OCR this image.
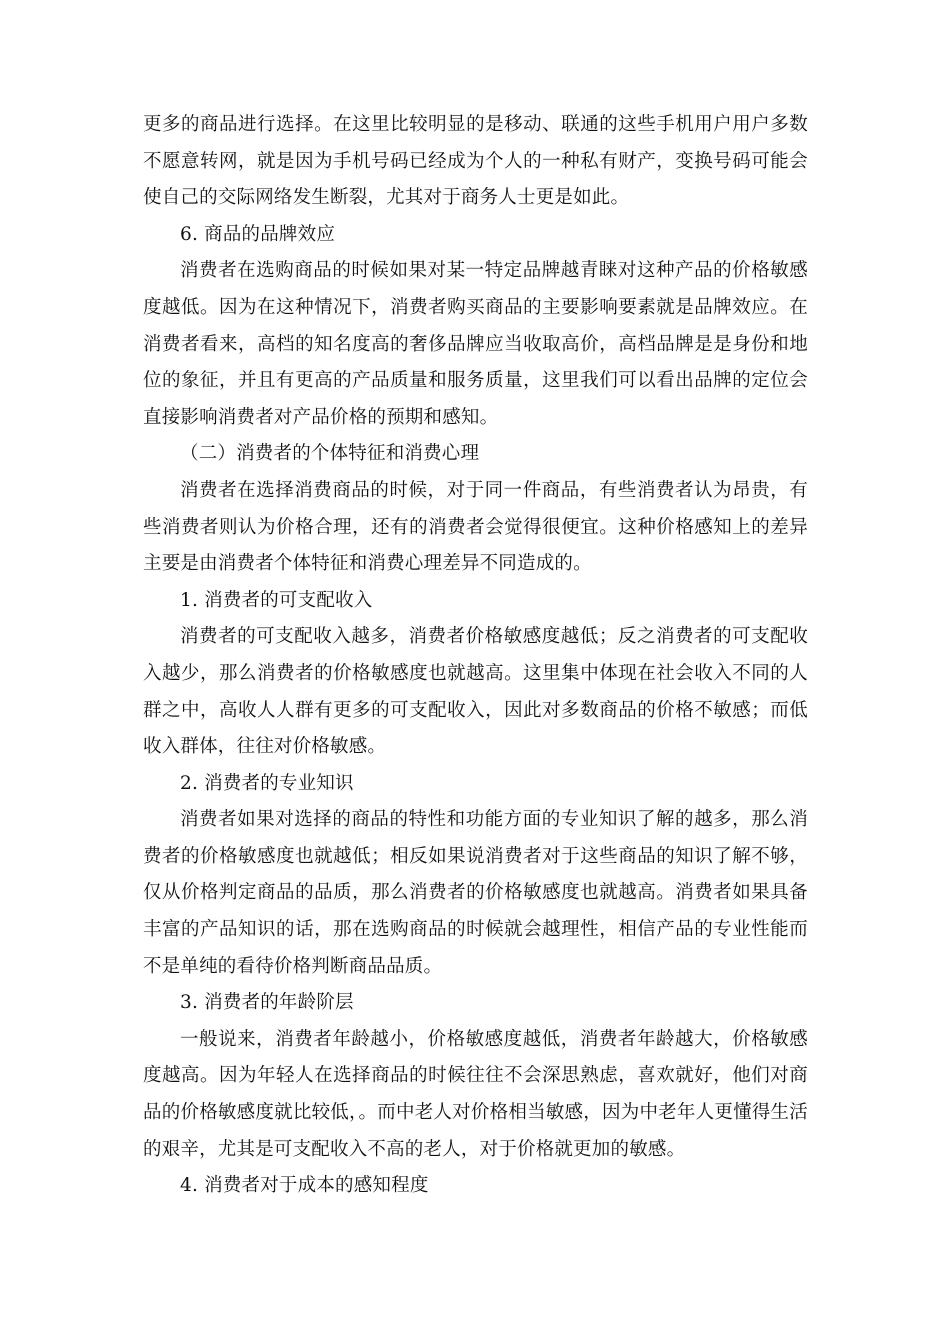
更多的商品进行选择。在这里比较明显的是移动、联通的这些手机用户用户多数不愿意转网，就是因为手机号码已经成为个人的一种私有财产，变换号码可能会使自己的交际网络发生断裂，尤其对于商务人士更是如此。

6. 商品的品牌效应

消费者在选购商品的时候如果对某一特定品牌越青睐对这种产品的价格敏感度越低。因为在这种情况下，消费者购买商品的主要影响要素就是品牌效应。在消费者看来，高档的知名度高的奢侈品牌应当收取高价，高档品牌是是身份和地位的象征，并且有更高的产品质量和服务质量，这里我们可以看出品牌的定位会直接影响消费者对产品价格的预期和感知。

（二）消费者的个体特征和消费心理

消费者在选择消费商品的时候，对于同一件商品，有些消费者认为昂贵，有些消费者则认为价格合理，还有的消费者会觉得很便宜。这种价格感知上的差异主要是由消费者个体特征和消费心理差异不同造成的。

1. 消费者的可支配收入

消费者的可支配收入越多，消费者价格敏感度越低；反之消费者的可支配收入越少，那么消费者的价格敏感度也就越高。这里集中体现在社会收入不同的人群之中，高收人人群有更多的可支配收入，因此对多数商品的价格不敏感；而低收入群体，往往对价格敏感。

2. 消费者的专业知识

消费者如果对选择的商品的特性和功能方面的专业知识了解的越多，那么消费者的价格敏感度也就越低；相反如果说消费者对于这些商品的知识了解不够，仅从价格判定商品的品质，那么消费者的价格敏感度也就越高。消费者如果具备丰富的产品知识的话，那在选购商品的时候就会越理性，相信产品的专业性能而不是单纯的看待价格判断商品品质。

3. 消费者的年龄阶层

一般说来，消费者年龄越小，价格敏感度越低，消费者年龄越大，价格敏感度越高。因为年轻人在选择商品的时候往往不会深思熟虑，喜欢就好，他们对商品的价格敏感度就比较低，。而中老人对价格相当敏感，因为中老年人更懂得生活的艰辛，尤其是可支配收入不高的老人，对于价格就更加的敏感。

4. 消费者对于成本的感知程度
